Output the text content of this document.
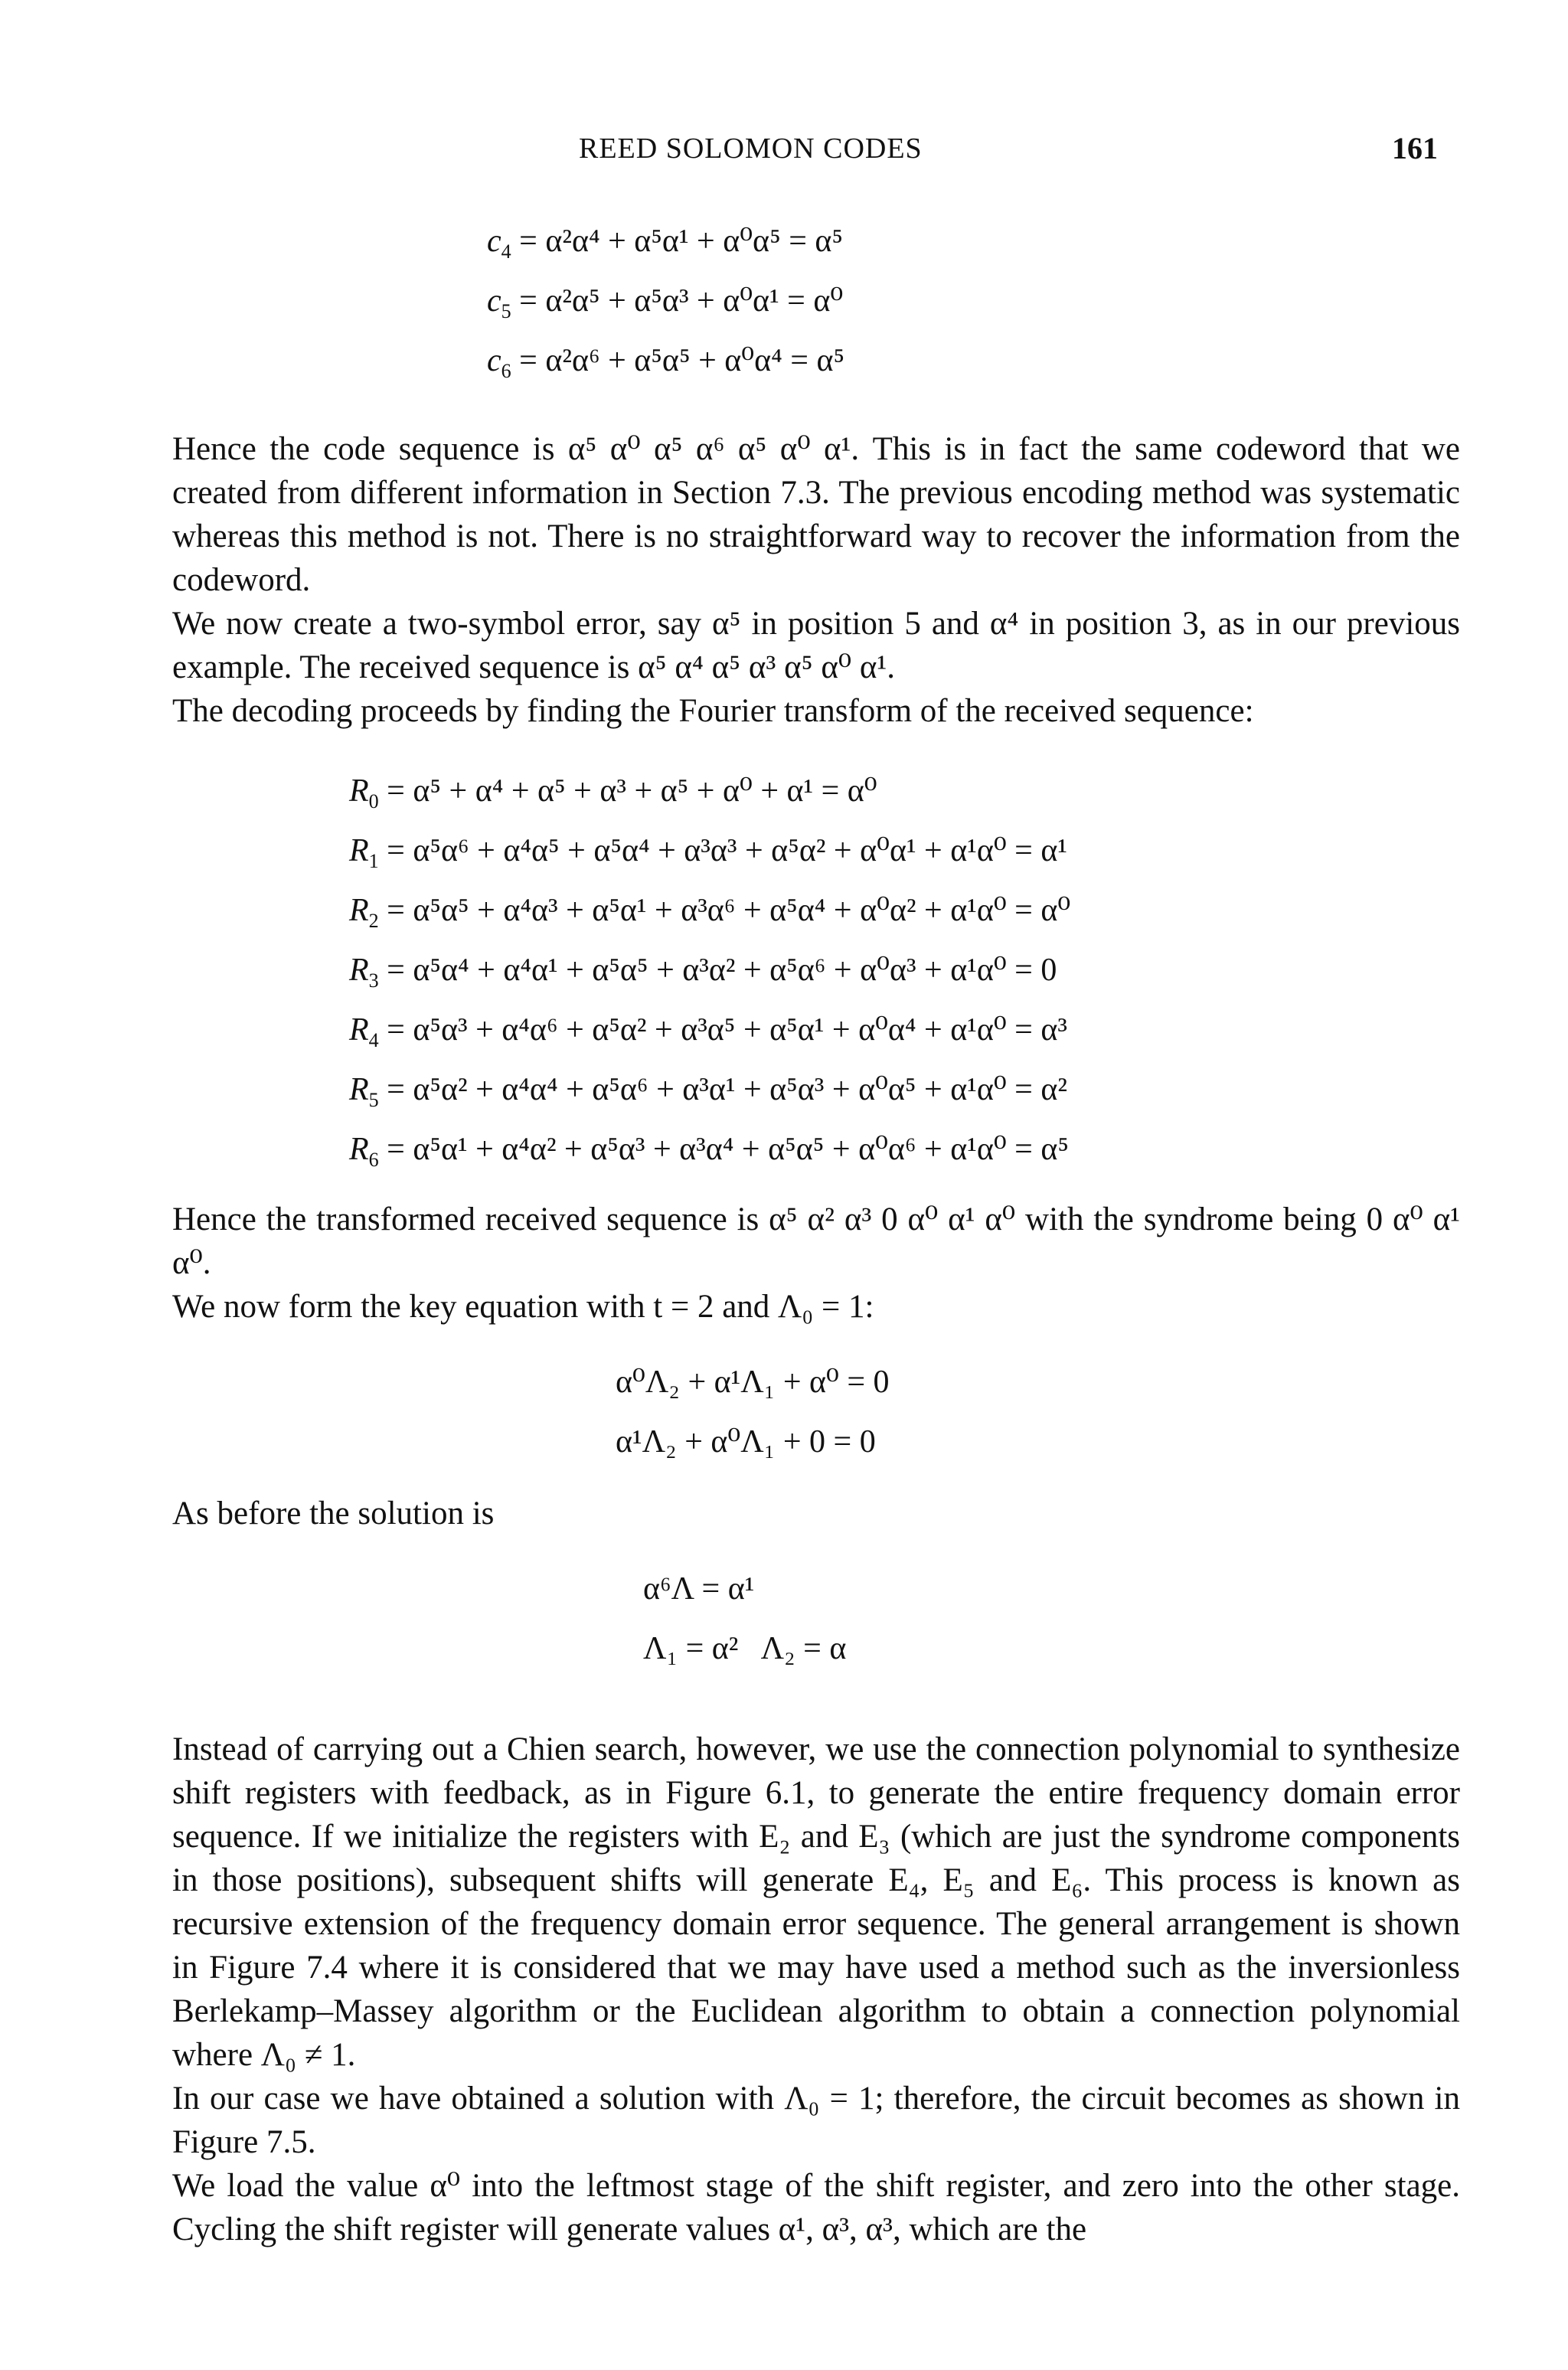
REED SOLOMON CODES	161
$c_4 = \alpha^2\alpha^4 + \alpha^5\alpha^1 + \alpha^0\alpha^5 = \alpha^5$
$c_5 = \alpha^2\alpha^5 + \alpha^5\alpha^3 + \alpha^0\alpha^1 = \alpha^0$
$c_6 = \alpha^2\alpha^6 + \alpha^5\alpha^5 + \alpha^0\alpha^4 = \alpha^5$

Hence the code sequence is α⁵ α⁰ α⁵ α⁶ α⁵ α⁰ α¹. This is in fact the same codeword that we created from different information in Section 7.3. The previous encoding method was systematic whereas this method is not. There is no straightforward way to recover the information from the codeword.

We now create a two-symbol error, say α⁵ in position 5 and α⁴ in position 3, as in our previous example. The received sequence is α⁵ α⁴ α⁵ α³ α⁵ α⁰ α¹.

The decoding proceeds by finding the Fourier transform of the received sequence:

$R_0 = \alpha^5 + \alpha^4 + \alpha^5 + \alpha^3 + \alpha^5 + \alpha^0 + \alpha^1 = \alpha^0$
$R_1 = \alpha^5\alpha^6 + \alpha^4\alpha^5 + \alpha^5\alpha^4 + \alpha^3\alpha^3 + \alpha^5\alpha^2 + \alpha^0\alpha^1 + \alpha^1\alpha^0 = \alpha^1$
$R_2 = \alpha^5\alpha^5 + \alpha^4\alpha^3 + \alpha^5\alpha^1 + \alpha^3\alpha^6 + \alpha^5\alpha^4 + \alpha^0\alpha^2 + \alpha^1\alpha^0 = \alpha^0$
$R_3 = \alpha^5\alpha^4 + \alpha^4\alpha^1 + \alpha^5\alpha^5 + \alpha^3\alpha^2 + \alpha^5\alpha^6 + \alpha^0\alpha^3 + \alpha^1\alpha^0 = 0$
$R_4 = \alpha^5\alpha^3 + \alpha^4\alpha^6 + \alpha^5\alpha^2 + \alpha^3\alpha^5 + \alpha^5\alpha^1 + \alpha^0\alpha^4 + \alpha^1\alpha^0 = \alpha^3$
$R_5 = \alpha^5\alpha^2 + \alpha^4\alpha^4 + \alpha^5\alpha^6 + \alpha^3\alpha^1 + \alpha^5\alpha^3 + \alpha^0\alpha^5 + \alpha^1\alpha^0 = \alpha^2$
$R_6 = \alpha^5\alpha^1 + \alpha^4\alpha^2 + \alpha^5\alpha^3 + \alpha^3\alpha^4 + \alpha^5\alpha^5 + \alpha^0\alpha^6 + \alpha^1\alpha^0 = \alpha^5$

Hence the transformed received sequence is α⁵ α² α³ 0 α⁰ α¹ α⁰ with the syndrome being 0 α⁰ α¹ α⁰.

We now form the key equation with t = 2 and Λ₀ = 1:

α⁰Λ₂ + α¹Λ₁ + α⁰ = 0
α¹Λ₂ + α⁰Λ₁ + 0 = 0

As before the solution is

α⁶Λ = α¹
Λ₁ = α²   Λ₂ = α

Instead of carrying out a Chien search, however, we use the connection polynomial to synthesize shift registers with feedback, as in Figure 6.1, to generate the entire frequency domain error sequence. If we initialize the registers with E₂ and E₃ (which are just the syndrome components in those positions), subsequent shifts will generate E₄, E₅ and E₆. This process is known as recursive extension of the frequency domain error sequence. The general arrangement is shown in Figure 7.4 where it is considered that we may have used a method such as the inversionless Berlekamp–Massey algorithm or the Euclidean algorithm to obtain a connection polynomial where Λ₀ ≠ 1.

In our case we have obtained a solution with Λ₀ = 1; therefore, the circuit becomes as shown in Figure 7.5.

We load the value α⁰ into the leftmost stage of the shift register, and zero into the other stage. Cycling the shift register will generate values α¹, α³, α³, which are the
